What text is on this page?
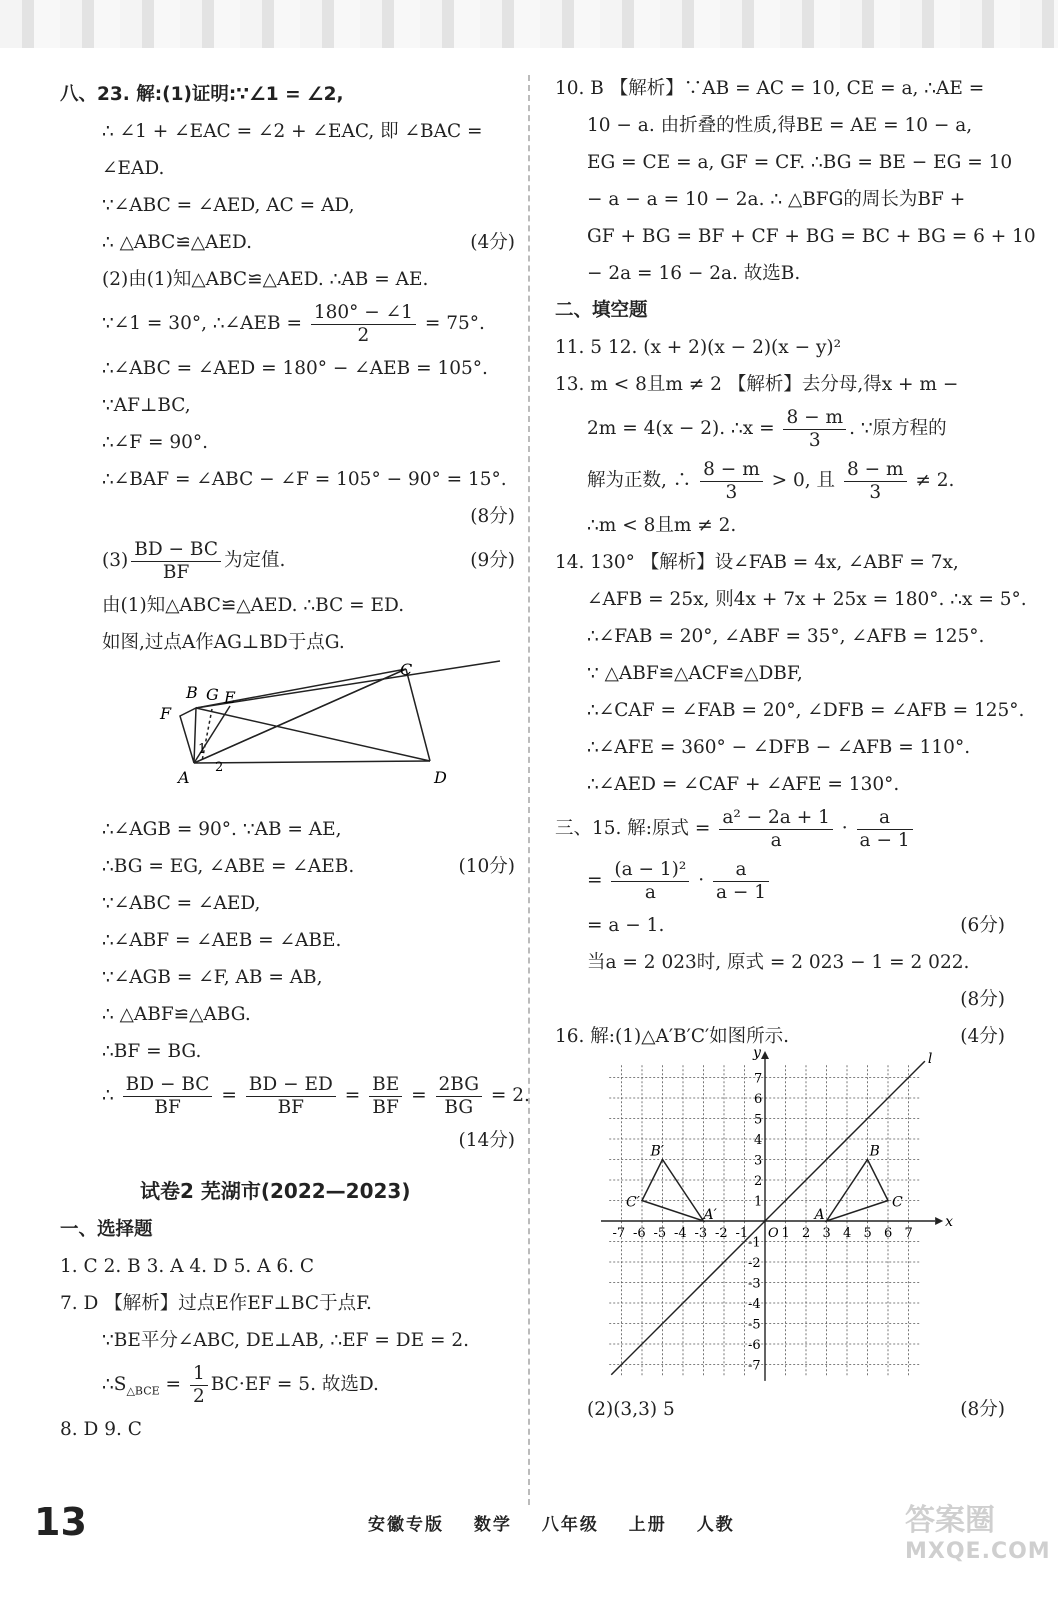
八、23. 解:(1)证明:∵∠1 = ∠2,
∴ ∠1 + ∠EAC = ∠2 + ∠EAC, 即 ∠BAC =
∠EAD.
∵∠ABC = ∠AED, AC = AD,
∴ △ABC≌△AED.	(4分)
(2)由(1)知△ABC≌△AED. ∴AB = AE.
∵∠1 = 30°, ∴∠AEB = $\frac{180^\circ - \angle 1}{2} = 75^\circ$.
∴∠ABC = ∠AED = 180° − ∠AEB = 105°.
∵AF⊥BC,
∴∠F = 90°.
∴∠BAF = ∠ABC − ∠F = 105° − 90° = 15°.
(8分)

$(3) \frac{BD - BC}{BF}$ 为定值.	(9分)
由(1)知△ABC≌△AED. ∴BC = ED.
如图,过点A作AG⊥BD于点G.
B G E
F
C
A	D
1
2
∴∠AGB = 90°. ∵AB = AE,
∴BG = EG, ∠ABE = ∠AEB.	(10分)
∵∠ABC = ∠AED,
∴∠ABF = ∠AEB = ∠ABE.
∵∠AGB = ∠F, AB = AB,
∴ △ABF≌△ABG.
∴BF = BG.
∴ $\frac{BD - BC}{BF} = \frac{BD - ED}{BF} = \frac{BE}{BF} = \frac{2BG}{BG} = 2$.
(14分)

试卷2 芜湖市(2022—2023)
一、选择题
1. C 2. B 3. A 4. D 5. A 6. C
7. D 【解析】过点E作EF⊥BC于点F.
∵BE平分∠ABC, DE⊥AB, ∴EF = DE = 2.
$\therefore S_{\triangle BCE} = \frac{1}{2} BC\cdot EF = 5$. 故选D.
8. D 9. C
10. B 【解析】∵AB = AC = 10, CE = a, ∴AE =
10 − a. 由折叠的性质,得BE = AE = 10 − a,
EG = CE = a, GF = CF. ∴BG = BE − EG = 10
− a − a = 10 − 2a. ∴ △BFG的周长为BF +
GF + BG = BF + CF + BG = BC + BG = 6 + 10
− 2a = 16 − 2a. 故选B.
二、填空题
11. 5 12. (x + 2)(x − 2)(x − y)²
13. m < 8且m ≠ 2 【解析】去分母,得x + m −
2m = 4(x − 2). ∴x = $\frac{8 - m}{3}$ . ∵原方程的
解为正数, ∴ $\frac{8 - m}{3} > 0$, 且 $\frac{8 - m}{3} \ne 2$.
∴m < 8且m ≠ 2.
14. 130° 【解析】设∠FAB = 4x, ∠ABF = 7x,
∠AFB = 25x, 则4x + 7x + 25x = 180°. ∴x = 5°.
∴∠FAB = 20°, ∠ABF = 35°, ∠AFB = 125°.
∵ △ABF≌△ACF≌△DBF,
∴∠CAF = ∠FAB = 20°, ∠DFB = ∠AFB = 125°.
∴∠AFE = 360° − ∠DFB − ∠AFB = 110°.
∴∠AED = ∠CAF + ∠AFE = 130°.
三、15. 解:原式 = $\frac{\text{a² − 2a + 1}}{a} \cdot \frac{a}{a - 1}$
= $\frac{\text{(a − 1)²}}{a} \cdot \frac{a}{a - 1}$
= a − 1.	(6分)
当a = 2 023时, 原式 = 2 023 − 1 = 2 022.
(8分)

16. 解:(1)△A′B′C′如图所示.	(4分)
x
y
O
l
-7 -6 -5 -4 -3 -2 -1	1 2 3 4 5 6 7
7
6
5
4
3
2
1
-1
-2
-3
-4
-5
-6
-7
A
B
C
A′
B′
C′
(2)(3,3) 5	(8分)
13	安徽专版 数学 八年级 上册 人教	答案圈
MXQE.COM
